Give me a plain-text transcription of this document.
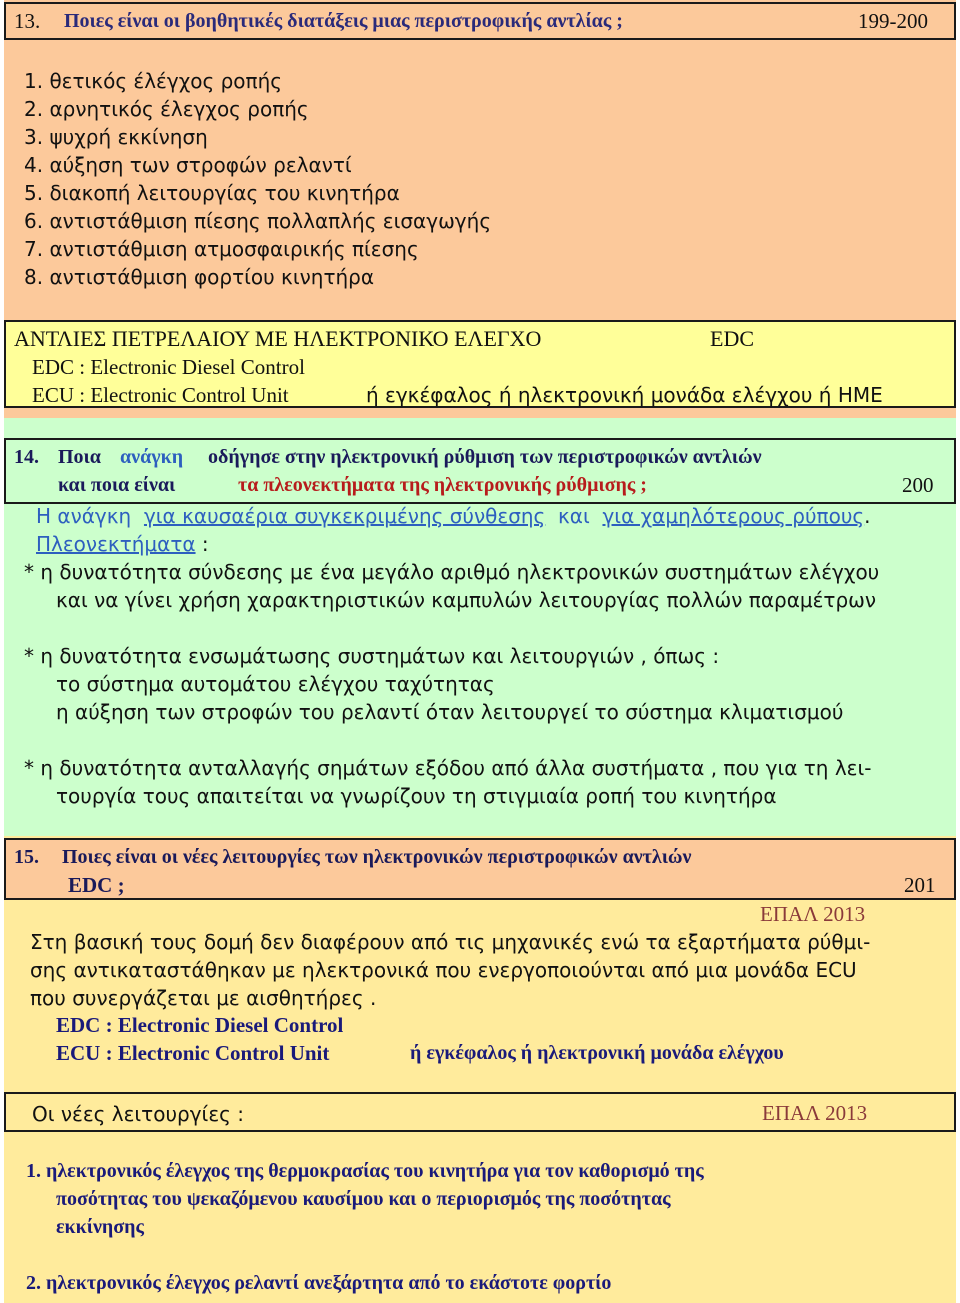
13. Ποιες είναι οι βοηθητικές διατάξεις μιας περιστροφικής αντλίας ;	199-200
1. θετικός έλέγχος ροπής
2. αρνητικός έλεγχος ροπής
3. ψυχρή εκκίνηση
4. αύξηση των στροφών ρελαντί
5. διακοπή λειτουργίας του κινητήρα
6. αντιστάθμιση πίεσης πολλαπλής εισαγωγής
7. αντιστάθμιση ατμοσφαιρικής πίεσης
8. αντιστάθμιση φορτίου κινητήρα
ΑΝΤΛΙΕΣ ΠΕΤΡΕΛΑΙΟΥ ΜΕ ΗΛΕΚΤΡΟΝΙΚΟ ΕΛΕΓΧΟ	EDC
EDC : Electronic Diesel Control
ECU : Electronic Control Unit	ή εγκέφαλος ή ηλεκτρονική μονάδα ελέγχου ή ΗΜΕ
14. Ποια ανάγκη οδήγησε στην ηλεκτρονική ρύθμιση των περιστροφικών αντλιών
και ποια είναι	τα πλεονεκτήματα της ηλεκτρονικής ρύθμισης ;	200
Η ανάγκη για καυσαέρια συγκεκριμένης σύνθεσης και για χαμηλότερους ρύπους.
Πλεονεκτήματα :
* η δυνατότητα σύνδεσης με ένα μεγάλο αριθμό ηλεκτρονικών συστημάτων ελέγχου
και να γίνει χρήση χαρακτηριστικών καμπυλών λειτουργίας πολλών παραμέτρων
* η δυνατότητα ενσωμάτωσης συστημάτων και λειτουργιών , όπως :
το σύστημα αυτομάτου ελέγχου ταχύτητας
η αύξηση των στροφών του ρελαντί όταν λειτουργεί το σύστημα κλιματισμού
* η δυνατότητα ανταλλαγής σημάτων εξόδου από άλλα συστήματα , που για τη λει-
τουργία τους απαιτείται να γνωρίζουν τη στιγμιαία ροπή του κινητήρα
15. Ποιες είναι οι νέες λειτουργίες των ηλεκτρονικών περιστροφικών αντλιών
EDC ;	201
ΕΠΑΛ 2013
Στη βασική τους δομή δεν διαφέρουν από τις μηχανικές ενώ τα εξαρτήματα ρύθμι-
σης αντικαταστάθηκαν με ηλεκτρονικά που ενεργοποιούνται από μια μονάδα ECU
που συνεργάζεται με αισθητήρες .
EDC : Electronic Diesel Control
ECU : Electronic Control Unit	ή εγκέφαλος ή ηλεκτρονική μονάδα ελέγχου
Οι νέες λειτουργίες :	ΕΠΑΛ 2013
1. ηλεκτρονικός έλεγχος της θερμοκρασίας του κινητήρα για τον καθορισμό της
ποσότητας του ψεκαζόμενου καυσίμου και ο περιορισμός της ποσότητας
εκκίνησης
2. ηλεκτρονικός έλεγχος ρελαντί ανεξάρτητα από το εκάστοτε φορτίο
